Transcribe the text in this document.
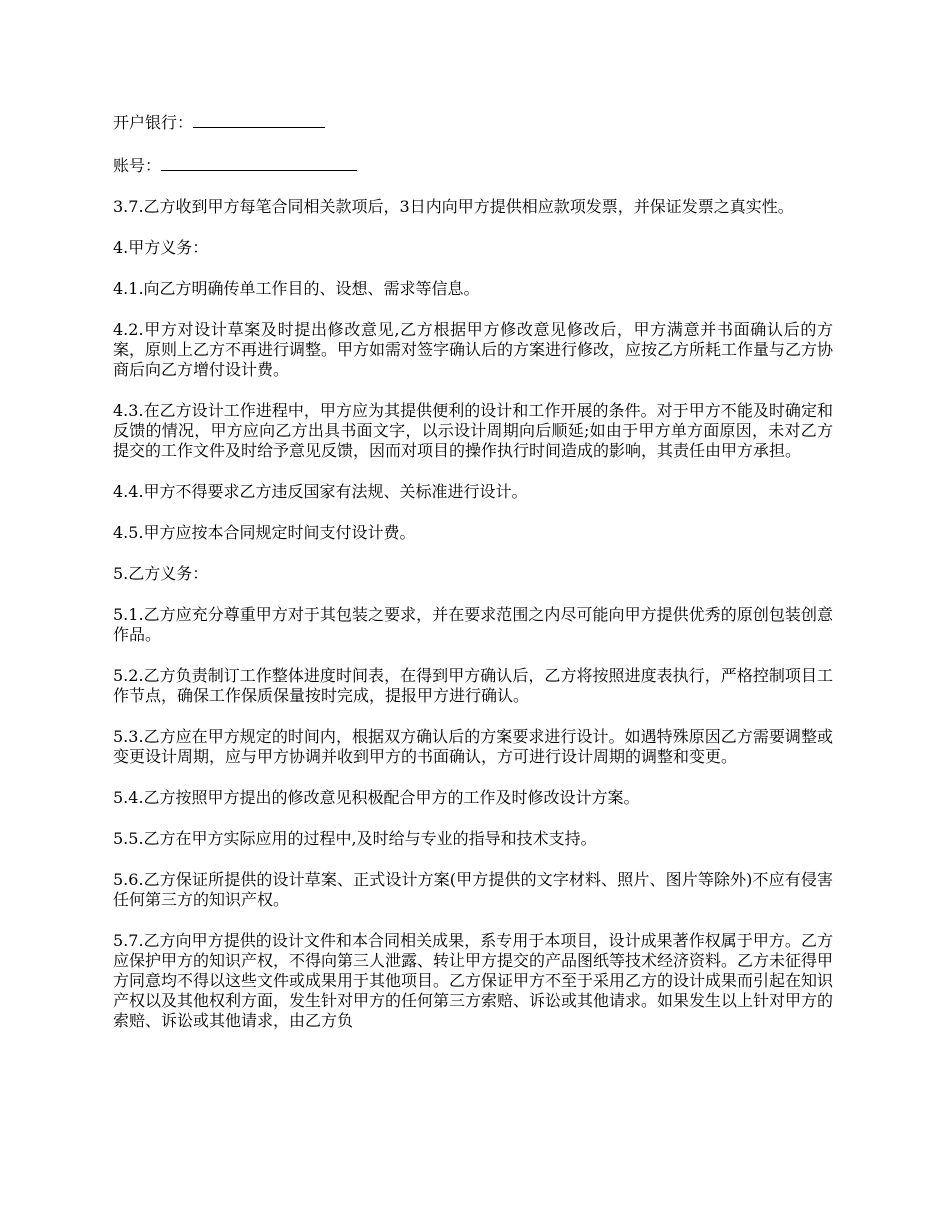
开户银行：

账号：

3.7.乙方收到甲方每笔合同相关款项后，3日内向甲方提供相应款项发票，并保证发票之真实性。

4.甲方义务：

4.1.向乙方明确传单工作目的、设想、需求等信息。

4.2.甲方对设计草案及时提出修改意见,乙方根据甲方修改意见修改后，甲方满意并书面确认后的方案，原则上乙方不再进行调整。甲方如需对签字确认后的方案进行修改，应按乙方所耗工作量与乙方协商后向乙方增付设计费。

4.3.在乙方设计工作进程中，甲方应为其提供便利的设计和工作开展的条件。对于甲方不能及时确定和反馈的情况，甲方应向乙方出具书面文字，以示设计周期向后顺延;如由于甲方单方面原因，未对乙方提交的工作文件及时给予意见反馈，因而对项目的操作执行时间造成的影响，其责任由甲方承担。

4.4.甲方不得要求乙方违反国家有法规、关标准进行设计。

4.5.甲方应按本合同规定时间支付设计费。

5.乙方义务：

5.1.乙方应充分尊重甲方对于其包装之要求，并在要求范围之内尽可能向甲方提供优秀的原创包装创意作品。

5.2.乙方负责制订工作整体进度时间表，在得到甲方确认后，乙方将按照进度表执行，严格控制项目工作节点，确保工作保质保量按时完成，提报甲方进行确认。

5.3.乙方应在甲方规定的时间内，根据双方确认后的方案要求进行设计。如遇特殊原因乙方需要调整或变更设计周期，应与甲方协调并收到甲方的书面确认，方可进行设计周期的调整和变更。

5.4.乙方按照甲方提出的修改意见积极配合甲方的工作及时修改设计方案。

5.5.乙方在甲方实际应用的过程中,及时给与专业的指导和技术支持。

5.6.乙方保证所提供的设计草案、正式设计方案(甲方提供的文字材料、照片、图片等除外)不应有侵害任何第三方的知识产权。

5.7.乙方向甲方提供的设计文件和本合同相关成果，系专用于本项目，设计成果著作权属于甲方。乙方应保护甲方的知识产权，不得向第三人泄露、转让甲方提交的产品图纸等技术经济资料。乙方未征得甲方同意均不得以这些文件或成果用于其他项目。乙方保证甲方不至于采用乙方的设计成果而引起在知识产权以及其他权利方面，发生针对甲方的任何第三方索赔、诉讼或其他请求。如果发生以上针对甲方的索赔、诉讼或其他请求，由乙方负
